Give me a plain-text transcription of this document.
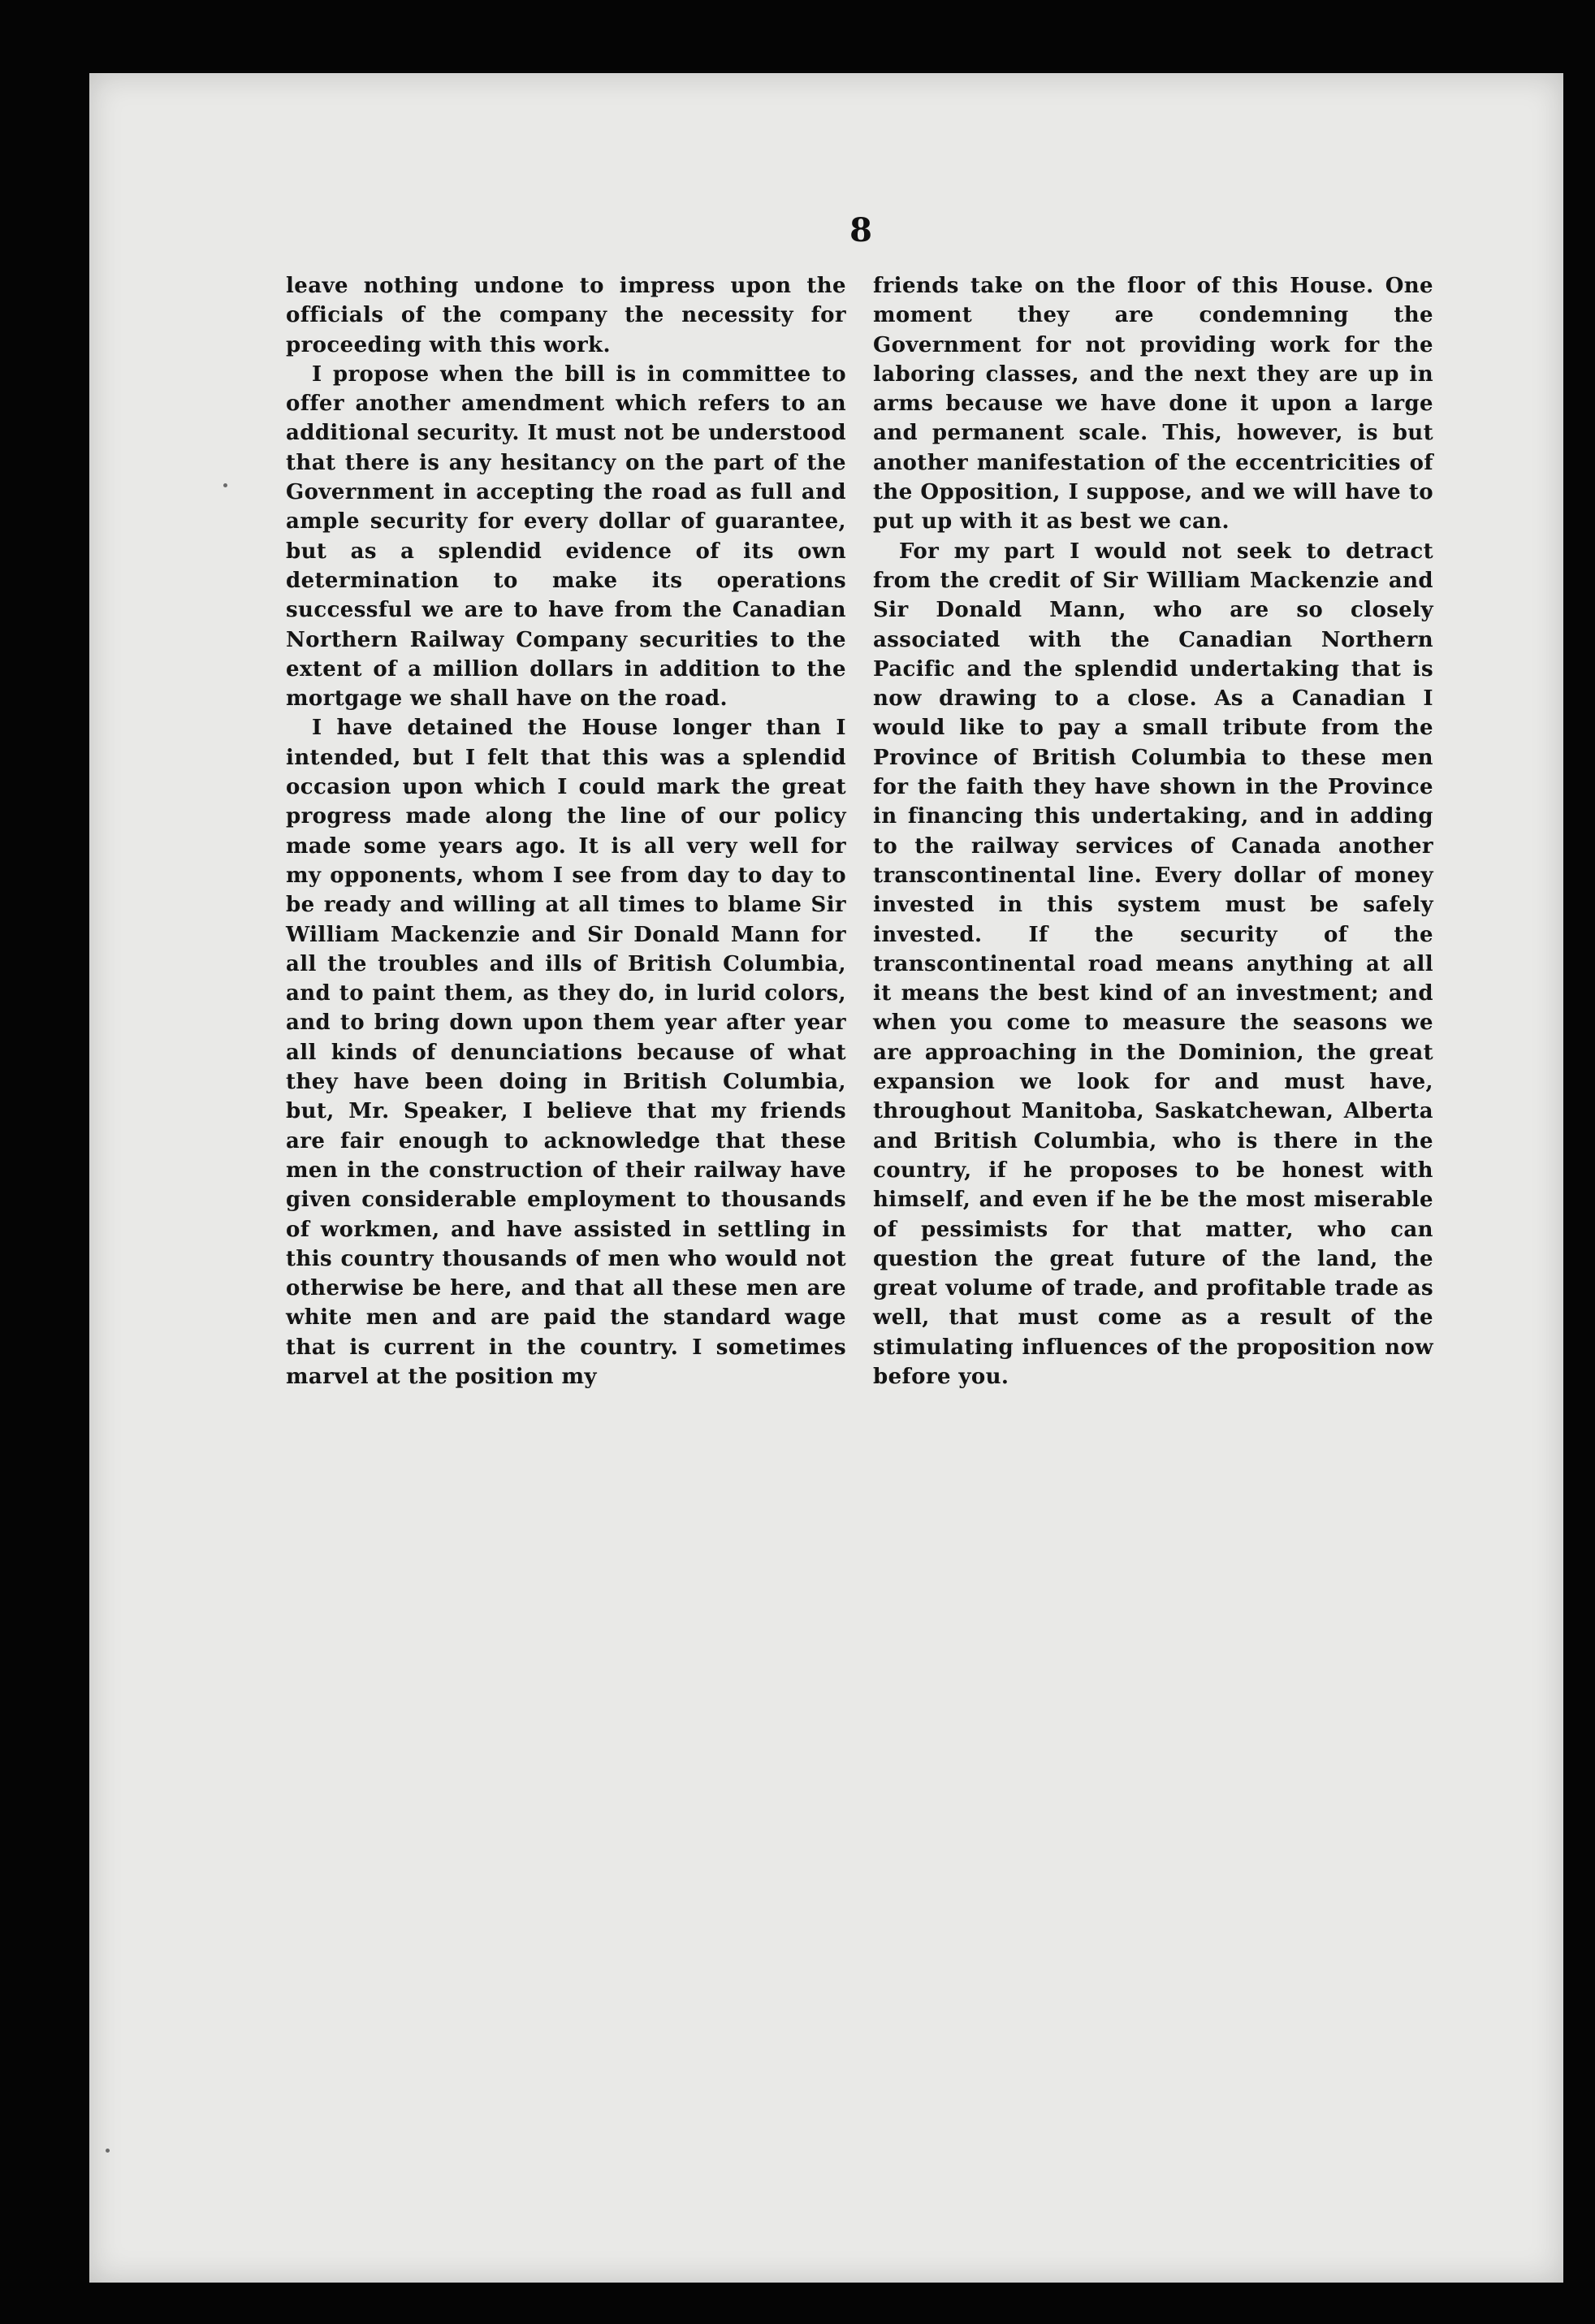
8

leave nothing undone to impress upon the officials of the company the necessity for proceeding with this work.

I propose when the bill is in committee to offer another amendment which refers to an additional security. It must not be understood that there is any hesitancy on the part of the Government in accepting the road as full and ample security for every dollar of guarantee, but as a splendid evidence of its own determination to make its operations successful we are to have from the Canadian Northern Railway Company securities to the extent of a million dollars in addition to the mortgage we shall have on the road.

I have detained the House longer than I intended, but I felt that this was a splendid occasion upon which I could mark the great progress made along the line of our policy made some years ago. It is all very well for my opponents, whom I see from day to day to be ready and willing at all times to blame Sir William Mackenzie and Sir Donald Mann for all the troubles and ills of British Columbia, and to paint them, as they do, in lurid colors, and to bring down upon them year after year all kinds of denunciations because of what they have been doing in British Columbia, but, Mr. Speaker, I believe that my friends are fair enough to acknowledge that these men in the construction of their railway have given considerable employment to thousands of workmen, and have assisted in settling in this country thousands of men who would not otherwise be here, and that all these men are white men and are paid the standard wage that is current in the country. I sometimes marvel at the position my

friends take on the floor of this House. One moment they are condemning the Government for not providing work for the laboring classes, and the next they are up in arms because we have done it upon a large and permanent scale. This, however, is but another manifestation of the eccentricities of the Opposition, I suppose, and we will have to put up with it as best we can.

For my part I would not seek to detract from the credit of Sir William Mackenzie and Sir Donald Mann, who are so closely associated with the Canadian Northern Pacific and the splendid undertaking that is now drawing to a close. As a Canadian I would like to pay a small tribute from the Province of British Columbia to these men for the faith they have shown in the Province in financing this undertaking, and in adding to the railway services of Canada another transcontinental line. Every dollar of money invested in this system must be safely invested. If the security of the transcontinental road means anything at all it means the best kind of an investment; and when you come to measure the seasons we are approaching in the Dominion, the great expansion we look for and must have, throughout Manitoba, Saskatchewan, Alberta and British Columbia, who is there in the country, if he proposes to be honest with himself, and even if he be the most miserable of pessimists for that matter, who can question the great future of the land, the great volume of trade, and profitable trade as well, that must come as a result of the stimulating influences of the proposition now before you.
